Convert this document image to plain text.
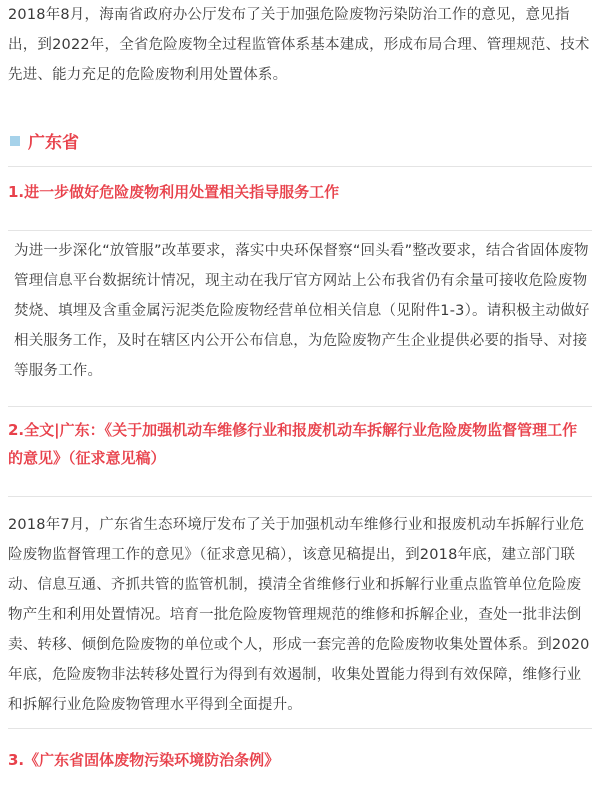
2018年8月，海南省政府办公厅发布了关于加强危险废物污染防治工作的意见，意见指出，到2022年，全省危险废物全过程监管体系基本建成，形成布局合理、管理规范、技术先进、能力充足的危险废物利用处置体系。

广东省
1.进一步做好危险废物利用处置相关指导服务工作

为进一步深化“放管服”改革要求，落实中央环保督察“回头看”整改要求，结合省固体废物管理信息平台数据统计情况，现主动在我厅官方网站上公布我省仍有余量可接收危险废物焚烧、填埋及含重金属污泥类危险废物经营单位相关信息（见附件1-3）。请积极主动做好相关服务工作，及时在辖区内公开公布信息，为危险废物产生企业提供必要的指导、对接等服务工作。

2.全文|广东：《关于加强机动车维修行业和报废机动车拆解行业危险废物监督管理工作的意见》（征求意见稿）

2018年7月，广东省生态环境厅发布了关于加强机动车维修行业和报废机动车拆解行业危险废物监督管理工作的意见》（征求意见稿），该意见稿提出，到2018年底，建立部门联动、信息互通、齐抓共管的监管机制，摸清全省维修行业和拆解行业重点监管单位危险废物产生和利用处置情况。培育一批危险废物管理规范的维修和拆解企业，查处一批非法倒卖、转移、倾倒危险废物的单位或个人，形成一套完善的危险废物收集处置体系。到2020年底，危险废物非法转移处置行为得到有效遏制，收集处置能力得到有效保障，维修行业和拆解行业危险废物管理水平得到全面提升。

3.《广东省固体废物污染环境防治条例》
